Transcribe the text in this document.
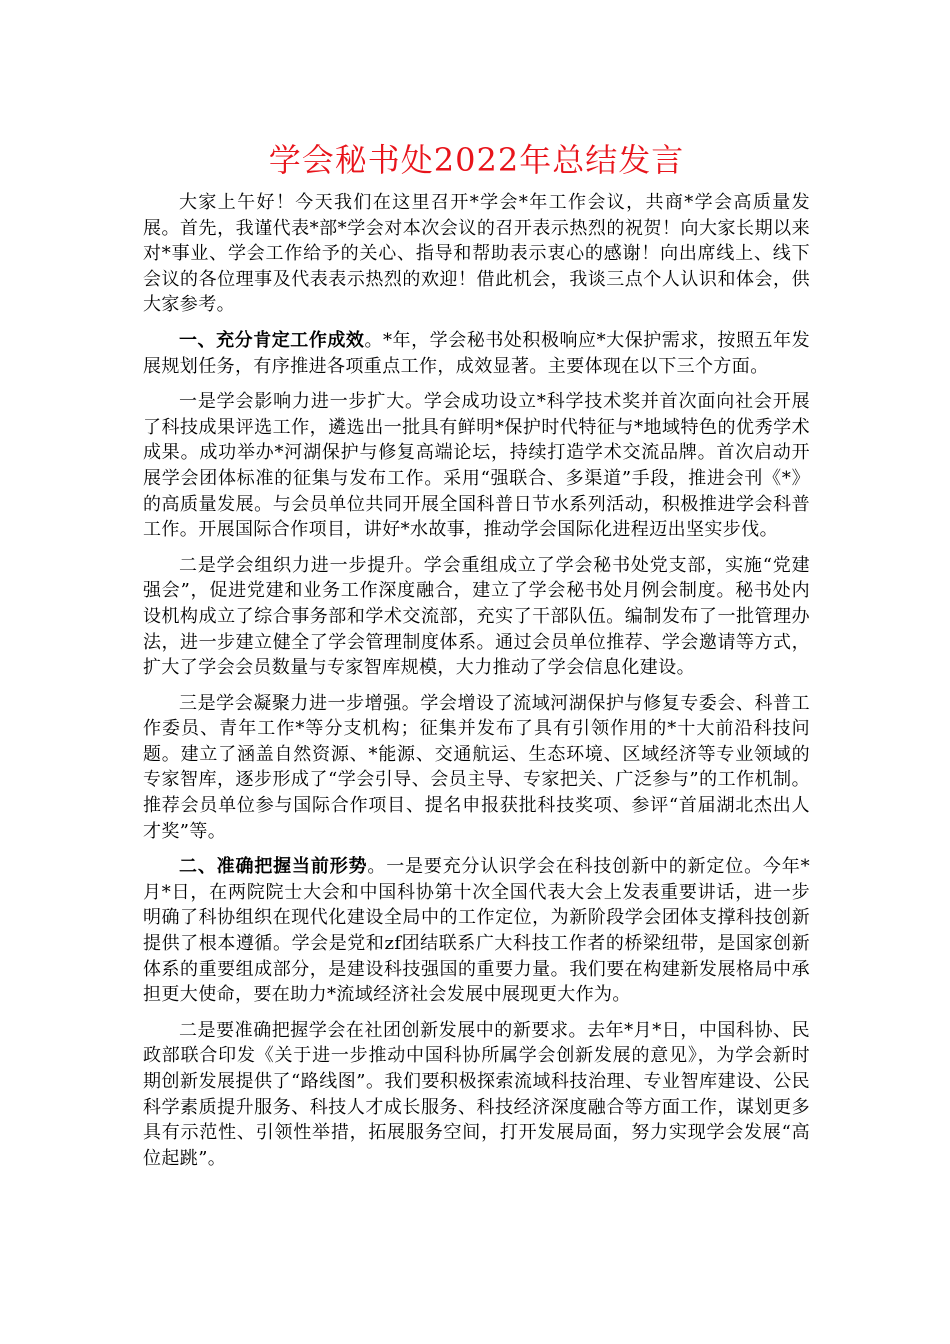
学会秘书处2022年总结发言

大家上午好！今天我们在这里召开*学会*年工作会议，共商*学会高质量发展。首先，我谨代表*部*学会对本次会议的召开表示热烈的祝贺！向大家长期以来对*事业、学会工作给予的关心、指导和帮助表示衷心的感谢！向出席线上、线下会议的各位理事及代表表示热烈的欢迎！借此机会，我谈三点个人认识和体会，供大家参考。

一、充分肯定工作成效。*年，学会秘书处积极响应*大保护需求，按照五年发展规划任务，有序推进各项重点工作，成效显著。主要体现在以下三个方面。

一是学会影响力进一步扩大。学会成功设立*科学技术奖并首次面向社会开展了科技成果评选工作，遴选出一批具有鲜明*保护时代特征与*地域特色的优秀学术成果。成功举办*河湖保护与修复高端论坛，持续打造学术交流品牌。首次启动开展学会团体标准的征集与发布工作。采用“强联合、多渠道”手段，推进会刊《*》的高质量发展。与会员单位共同开展全国科普日节水系列活动，积极推进学会科普工作。开展国际合作项目，讲好*水故事，推动学会国际化进程迈出坚实步伐。

二是学会组织力进一步提升。学会重组成立了学会秘书处党支部，实施“党建强会”，促进党建和业务工作深度融合，建立了学会秘书处月例会制度。秘书处内设机构成立了综合事务部和学术交流部，充实了干部队伍。编制发布了一批管理办法，进一步建立健全了学会管理制度体系。通过会员单位推荐、学会邀请等方式，扩大了学会会员数量与专家智库规模，大力推动了学会信息化建设。

三是学会凝聚力进一步增强。学会增设了流域河湖保护与修复专委会、科普工作委员、青年工作*等分支机构；征集并发布了具有引领作用的*十大前沿科技问题。建立了涵盖自然资源、*能源、交通航运、生态环境、区域经济等专业领域的专家智库，逐步形成了“学会引导、会员主导、专家把关、广泛参与”的工作机制。推荐会员单位参与国际合作项目、提名申报获批科技奖项、参评“首届湖北杰出人才奖”等。

二、准确把握当前形势。一是要充分认识学会在科技创新中的新定位。今年*月*日，在两院院士大会和中国科协第十次全国代表大会上发表重要讲话，进一步明确了科协组织在现代化建设全局中的工作定位，为新阶段学会团体支撑科技创新提供了根本遵循。学会是党和zf团结联系广大科技工作者的桥梁纽带，是国家创新体系的重要组成部分，是建设科技强国的重要力量。我们要在构建新发展格局中承担更大使命，要在助力*流域经济社会发展中展现更大作为。

二是要准确把握学会在社团创新发展中的新要求。去年*月*日，中国科协、民政部联合印发《关于进一步推动中国科协所属学会创新发展的意见》，为学会新时期创新发展提供了“路线图”。我们要积极探索流域科技治理、专业智库建设、公民科学素质提升服务、科技人才成长服务、科技经济深度融合等方面工作，谋划更多具有示范性、引领性举措，拓展服务空间，打开发展局面，努力实现学会发展“高位起跳”。
